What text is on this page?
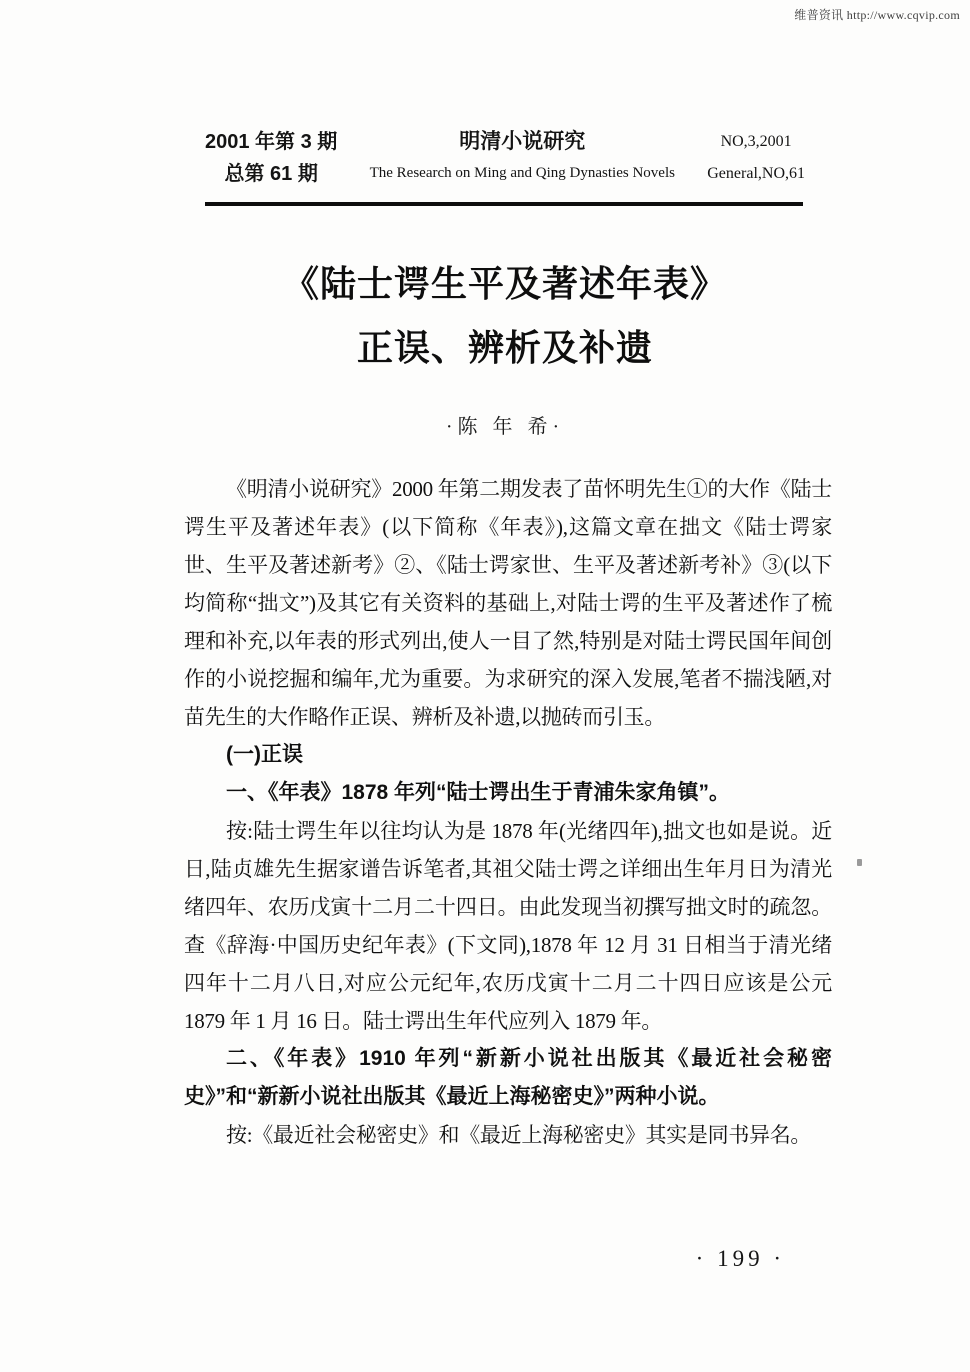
维普资讯 http://www.cqvip.com
2001 年第 3 期
总第 61 期
明清小说研究
The Research on Ming and Qing Dynasties Novels
NO,3,2001
General,NO,61
《陆士谔生平及著述年表》
正误、辨析及补遗
·陈 年 希·

《明清小说研究》2000 年第二期发表了苗怀明先生①的大作《陆士谔生平及著述年表》(以下简称《年表》),这篇文章在拙文《陆士谔家世、生平及著述新考》②、《陆士谔家世、生平及著述新考补》③(以下均简称“拙文”)及其它有关资料的基础上,对陆士谔的生平及著述作了梳理和补充,以年表的形式列出,使人一目了然,特别是对陆士谔民国年间创作的小说挖掘和编年,尤为重要。为求研究的深入发展,笔者不揣浅陋,对苗先生的大作略作正误、辨析及补遗,以抛砖而引玉。

(一)正误

一、《年表》1878 年列“陆士谔出生于青浦朱家角镇”。

按:陆士谔生年以往均认为是 1878 年(光绪四年),拙文也如是说。近日,陆贞雄先生据家谱告诉笔者,其祖父陆士谔之详细出生年月日为清光绪四年、农历戊寅十二月二十四日。由此发现当初撰写拙文时的疏忽。查《辞海·中国历史纪年表》(下文同),1878 年 12 月 31 日相当于清光绪四年十二月八日,对应公元纪年,农历戊寅十二月二十四日应该是公元 1879 年 1 月 16 日。陆士谔出生年代应列入 1879 年。

二、《年表》1910 年列“新新小说社出版其《最近社会秘密史》”和“新新小说社出版其《最近上海秘密史》”两种小说。

按:《最近社会秘密史》和《最近上海秘密史》其实是同书异名。

· 199 ·
